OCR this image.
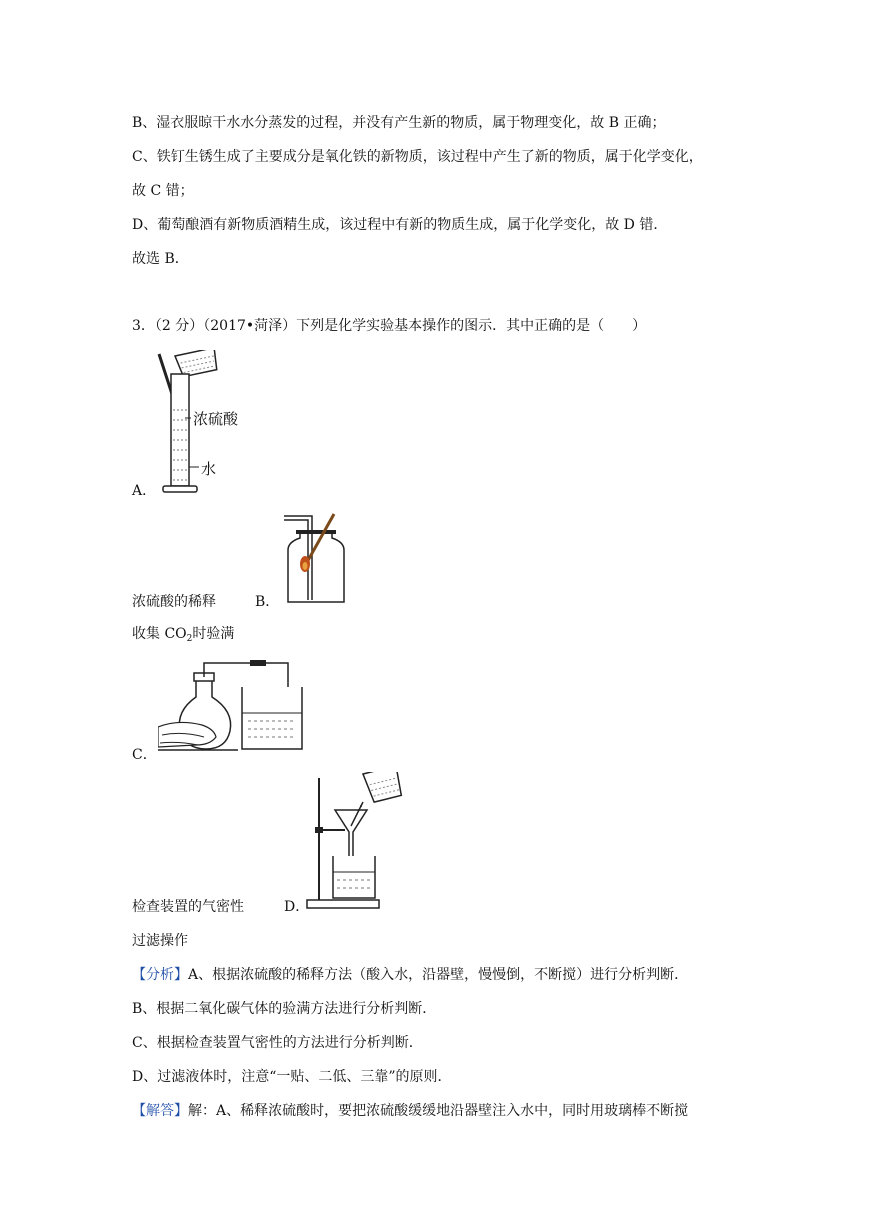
B、湿衣服晾干水水分蒸发的过程，并没有产生新的物质，属于物理变化，故 B 正确；
C、铁钉生锈生成了主要成分是氧化铁的新物质，该过程中产生了新的物质，属于化学变化，
故 C 错；
D、葡萄酿酒有新物质酒精生成，该过程中有新的物质生成，属于化学变化，故 D 错．
故选 B．
3．（2 分）（2017•菏泽）下列是化学实验基本操作的图示．其中正确的是（　　）
浓硫酸
水
A．
浓硫酸的稀释	B．
收集 $CO_2$时验满
C．
检查装置的气密性	D．
过滤操作
【分析】A、根据浓硫酸的稀释方法（酸入水，沿器壁，慢慢倒，不断搅）进行分析判断．
B、根据二氧化碳气体的验满方法进行分析判断．
C、根据检查装置气密性的方法进行分析判断．
D、过滤液体时，注意“一贴、二低、三靠”的原则．
【解答】解：A、稀释浓硫酸时，要把浓硫酸缓缓地沿器壁注入水中，同时用玻璃棒不断搅
